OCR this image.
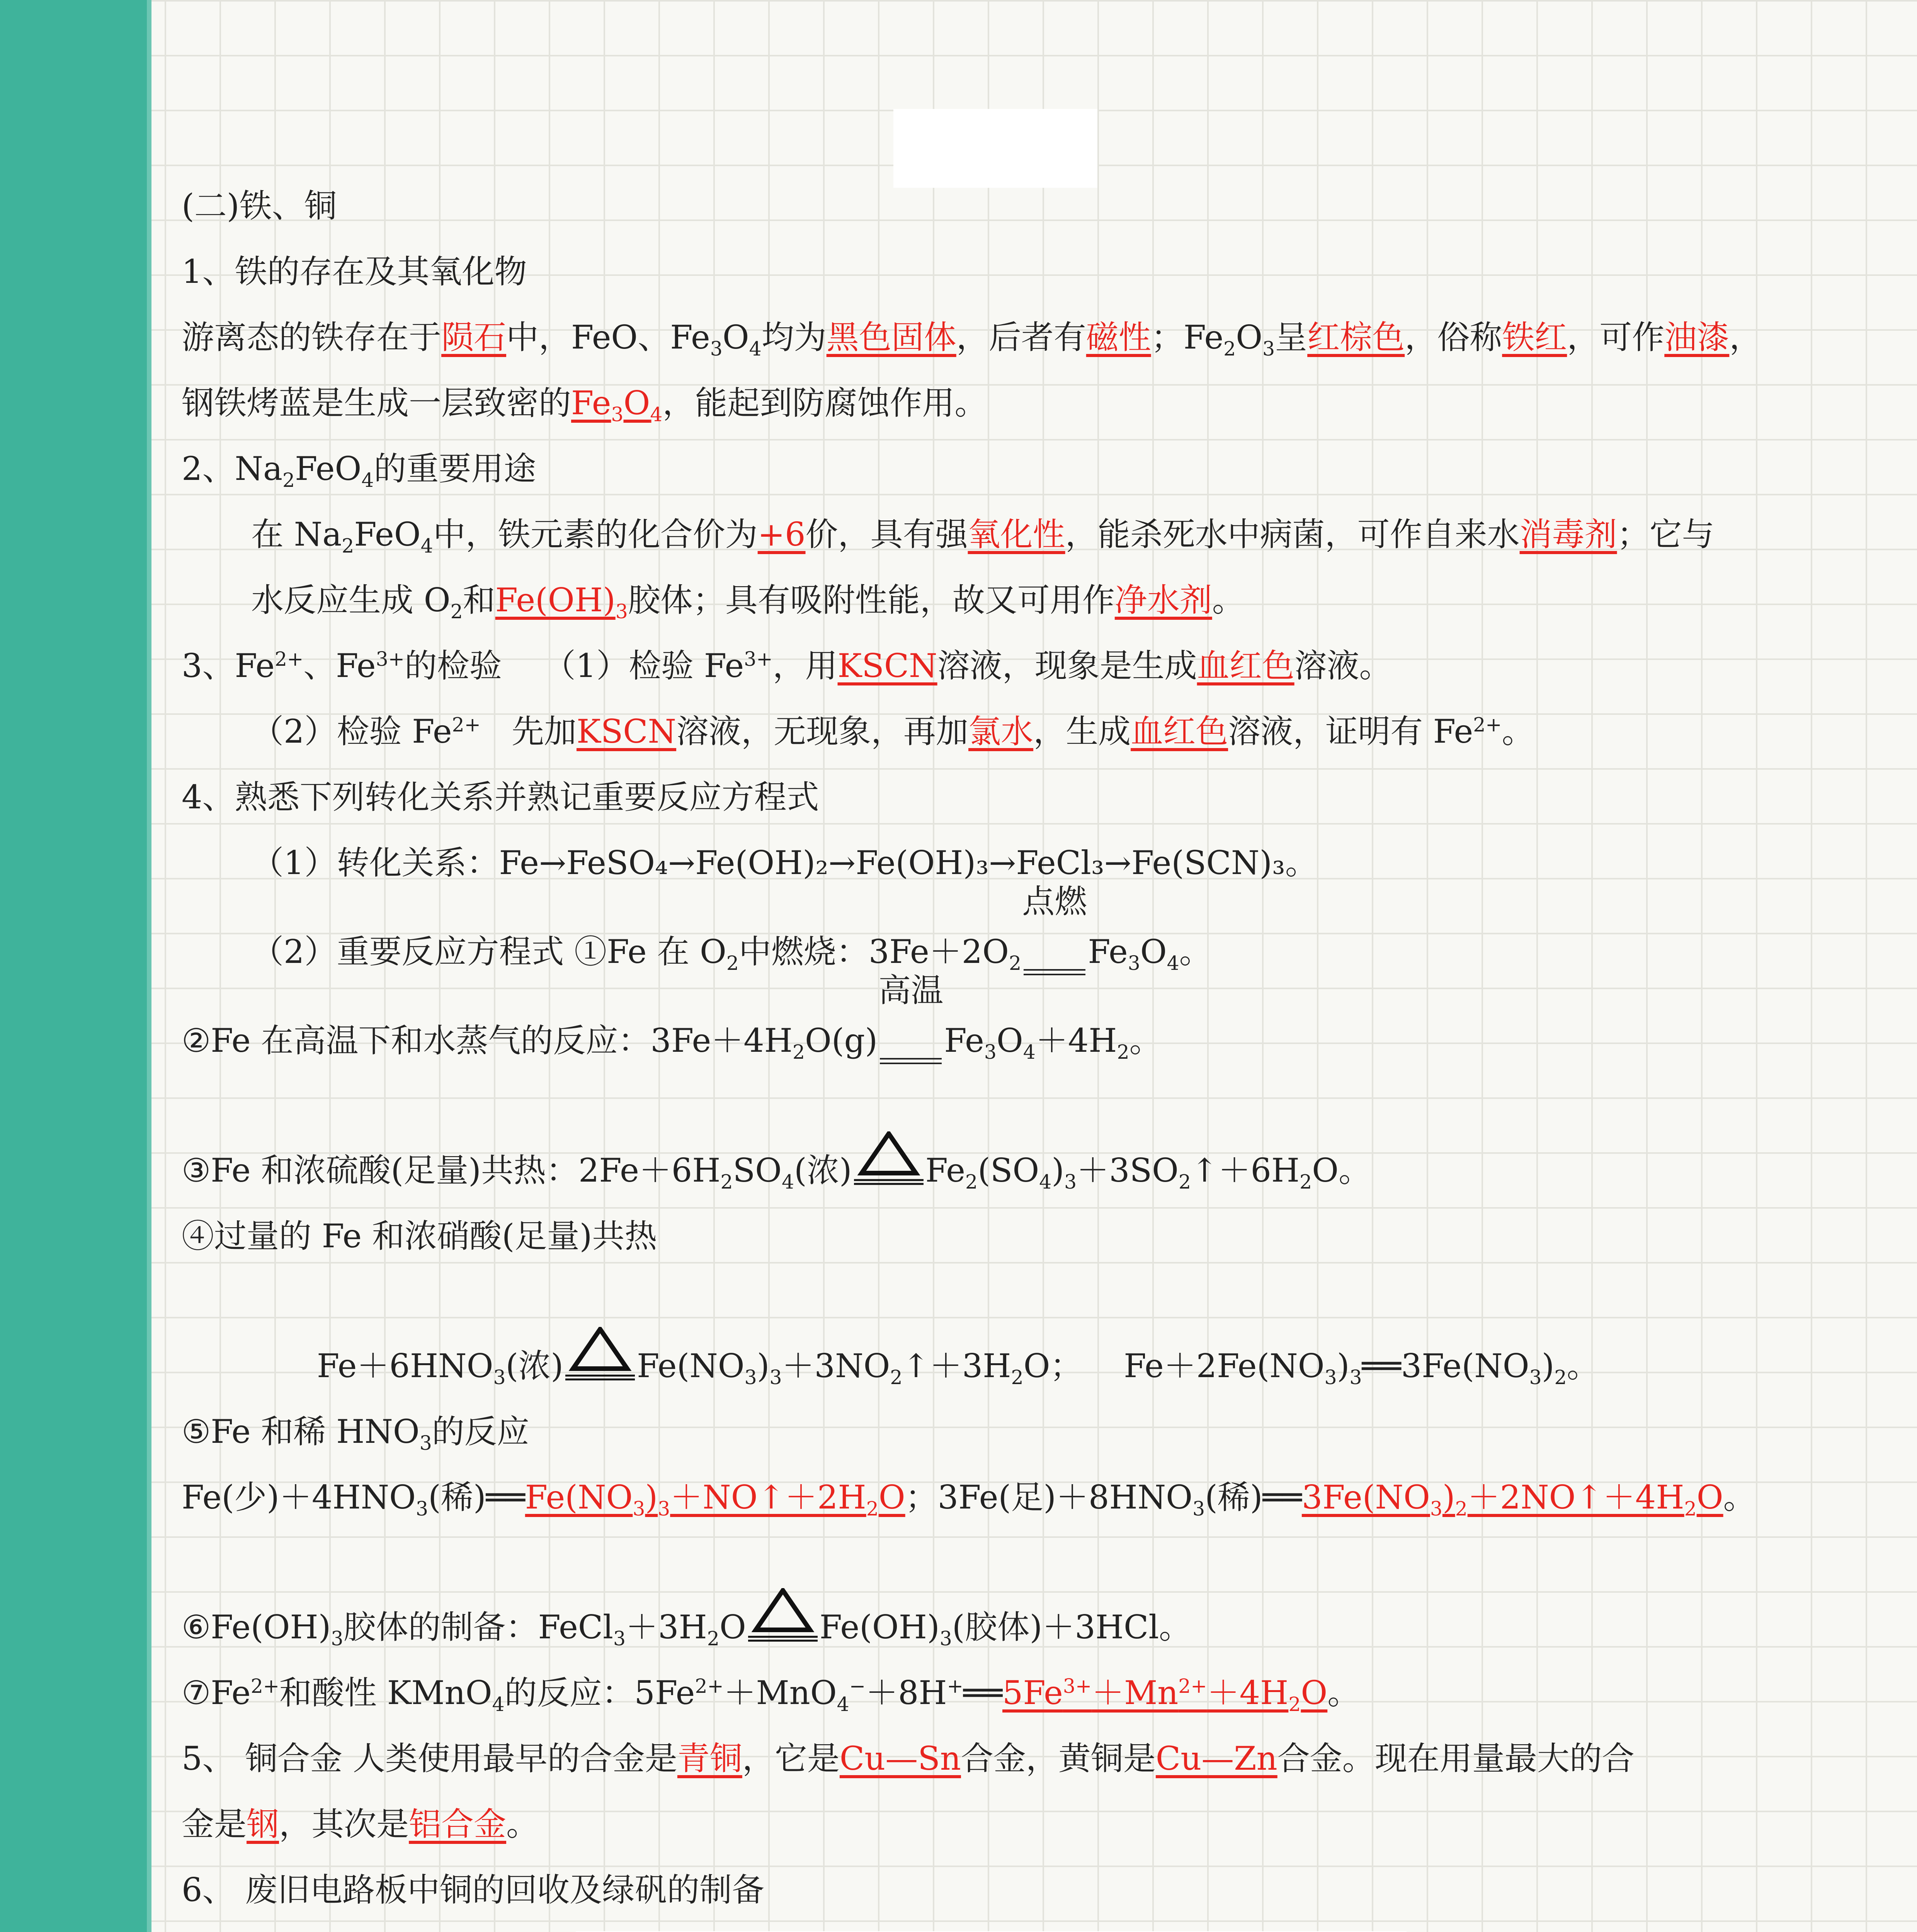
(二)铁、铜

1、铁的存在及其氧化物

游离态的铁存在于陨石中，FeO、$Fe_3O_4$均为黑色固体，后者有磁性；$Fe_2O_3$呈红棕色，俗称铁红，可作油漆，

钢铁烤蓝是生成一层致密的$Fe_3O_4$，能起到防腐蚀作用。

2、$Na_2FeO_4$的重要用途

在 $Na_2FeO_4$中，铁元素的化合价为+6价，具有强氧化性，能杀死水中病菌，可作自来水消毒剂；它与

水反应生成 $O_2$和$Fe(OH)_3$胶体；具有吸附性能，故又可用作净水剂。

3、$Fe^{2+}$、$Fe^{3+}$的检验 （1）检验 $Fe^{3+}$，用KSCN溶液，现象是生成血红色溶液。

（2）检验 $Fe^{2+}$ 先加KSCN溶液，无现象，再加氯水，生成血红色溶液，证明有 $Fe^{2+}$。

4、熟悉下列转化关系并熟记重要反应方程式

（1）转化关系：Fe→FeSO₄→Fe(OH)₂→Fe(OH)₃→FeCl₃→Fe(SCN)₃。

（2）重要反应方程式 ①Fe 在 $O_2$中燃烧：$3Fe+2O_2$
点燃

$Fe_3O_4$。

②Fe 在高温下和水蒸气的反应：$3Fe+4H_2O(g)$
高温

$Fe_3O_4+4H_2$。

③Fe 和浓硫酸(足量)共热：$2Fe+6H_2SO_4$(浓) $Fe_2(SO_4)_3+3SO_2↑+6H_2O$。

④过量的 Fe 和浓硝酸(足量)共热

$Fe+6HNO_3$(浓) $Fe(NO_3)_3+3NO_2↑+3H_2O$； $Fe+2Fe(NO_3)_3══3Fe(NO_3)_2$。

⑤Fe 和稀 $HNO_3$的反应

Fe(少)$+4HNO_3$(稀)$══Fe(NO_3)_3+NO↑+2H_2O$；3Fe(足)$+8HNO_3$(稀)$══3Fe(NO_3)_2+2NO↑+4H_2O$。

$⑥Fe(OH)_3$胶体的制备：$FeCl_3+3H_2O$ $Fe(OH)_3$(胶体)＋3HCl。

$⑦Fe^{2+}$和酸性 KMnO$_4$的反应：$5Fe^{2+}+MnO_4^-+8H^+══5Fe^{3+}+Mn^{2+}+4H_2O$。

5、 铜合金 人类使用最早的合金是青铜，它是Cu—Sn合金，黄铜是Cu—Zn合金。现在用量最大的合

金是钢，其次是铝合金。

6、 废旧电路板中铜的回收及绿矾的制备
